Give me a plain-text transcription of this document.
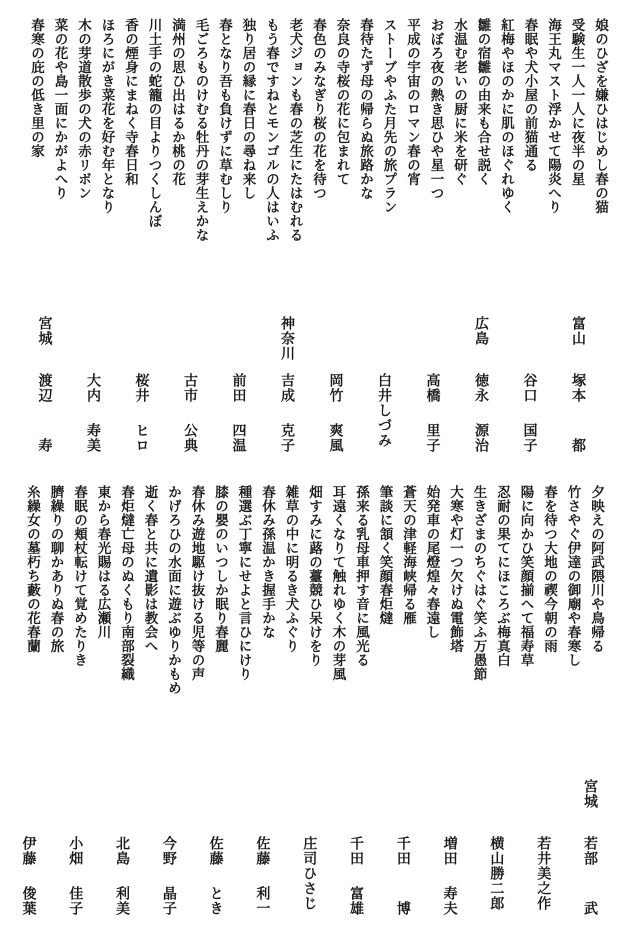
娘のひざを嫌ひはじめし春の猫
受験生一人一人に夜半の星
海王丸マスト浮かせて陽炎へり
春眠や犬小屋の前猫通る
紅梅やほのかに肌のほぐれゆく
雛の宿雛の由来も合せ説く
水温む老いの厨に米を研ぐ
おぼろ夜の熱き思ひや星一つ
平成の宇宙のロマン春の宵
ストーブやふた月先の旅プラン
春待たず母の帰らぬ旅路かな
奈良の寺桜の花に包まれて
春色のみなぎり桜の花を待つ
老犬ジョンも春の芝生にたはむれる
もう春ですねとモンゴルの人はいふ
独り居の縁に春日の尋ね来し
春となり吾も負けずに草むしり
毛ごろものけむる牡丹の芽生えかな
満州の思ひ出はるか桃の花
川土手の蛇籠の目よりつくしんぼ
香の煙身にまねく寺春日和
ほろにがき菜花を好む年となり
木の芽道散歩の犬の赤リボン
菜の花や島一面にかがよへり
春寒の庇の低き里の家
富山
塚本
都
谷口
国子
広島
徳永
源治
高橋
里子
白井しづみ
岡竹
爽風
神奈川
吉成
克子
前田
四温
古市
公典
桜井
ヒロ
大内
寿美
宮城
渡辺
寿
夕映えの阿武隈川や鳥帰る
竹さやぐ伊達の御廟や春寒し
春を待つ大地の禊今朝の雨
陽に向かひ笑顔揃へて福寿草
忍耐の果てにほころぶ梅真白
生きざまのちぐはぐ笑ふ万愚節
大寒や灯一つ欠けぬ電飾塔
始発車の尾燈煌々春遠し
蒼天の津軽海峡帰る雁
筆談に頷く笑顔春炬燵
孫来る乳母車押す音に風光る
耳遠くなりて触れゆく木の芽風
畑すみに蕗の薹競ひ呆けをり
雑草の中に明るき犬ふぐり
春休み孫温かき握手かな
種選ぶ丁寧にせよと言ひにけり
膝の嬰のいつしか眠り春麗
春休み遊地駆け抜ける児等の声
かげろひの水面に遊ぶゆりかもめ
逝く春と共に遺影は教会へ
春炬燵亡母のぬくもり南部裂織
東から春光賜はる広瀬川
春眠の頬杖転けて覚めたりき
臍繰りの聊かありぬ春の旅
糸繰女の墓朽ち藪の花春蘭
宮城
若部
武
若井美之作
横山勝二郎
増田
寿夫
千田
博
千田
富雄
庄司ひさじ
佐藤
利一
佐藤
とき
今野
晶子
北島
利美
小畑
佳子
伊藤
俊葉
